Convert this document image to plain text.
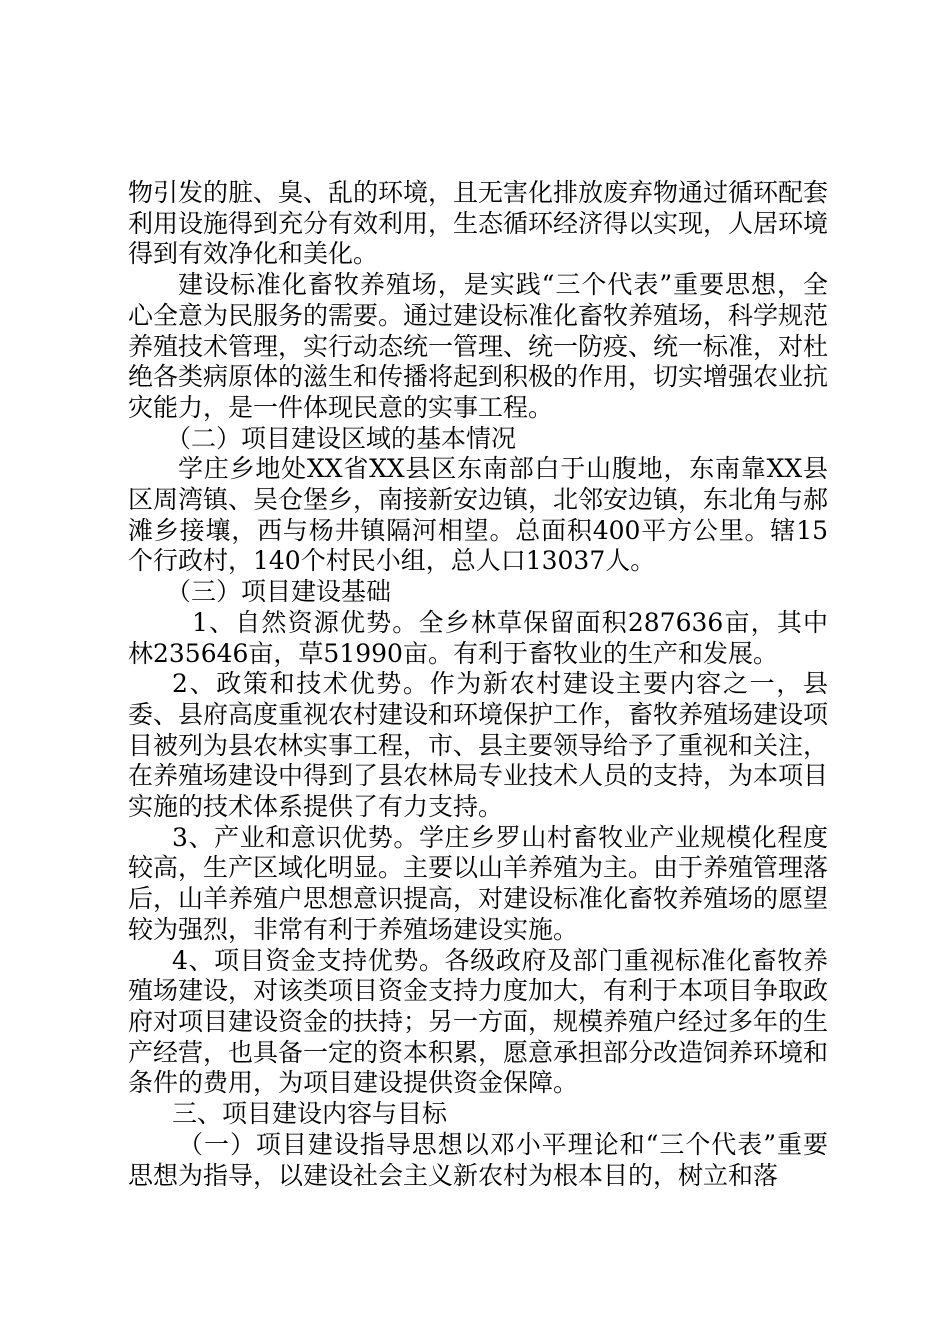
物引发的脏、臭、乱的环境，且无害化排放废弃物通过循环配套利用设施得到充分有效利用，生态循环经济得以实现，人居环境得到有效净化和美化。

建设标准化畜牧养殖场，是实践“三个代表”重要思想，全心全意为民服务的需要。通过建设标准化畜牧养殖场，科学规范养殖技术管理，实行动态统一管理、统一防疫、统一标准，对杜绝各类病原体的滋生和传播将起到积极的作用，切实增强农业抗灾能力，是一件体现民意的实事工程。

（二）项目建设区域的基本情况

学庄乡地处XX省XX县区东南部白于山腹地，东南靠XX县区周湾镇、吴仓堡乡，南接新安边镇，北邻安边镇，东北角与郝滩乡接壤，西与杨井镇隔河相望。总面积400平方公里。辖15个行政村，140个村民小组，总人口13037人。

（三）项目建设基础

1、自然资源优势。全乡林草保留面积287636亩，其中林235646亩，草51990亩。有利于畜牧业的生产和发展。

2、政策和技术优势。作为新农村建设主要内容之一，县委、县府高度重视农村建设和环境保护工作，畜牧养殖场建设项目被列为县农林实事工程，市、县主要领导给予了重视和关注，在养殖场建设中得到了县农林局专业技术人员的支持，为本项目实施的技术体系提供了有力支持。

3、产业和意识优势。学庄乡罗山村畜牧业产业规模化程度较高，生产区域化明显。主要以山羊养殖为主。由于养殖管理落后，山羊养殖户思想意识提高，对建设标准化畜牧养殖场的愿望较为强烈，非常有利于养殖场建设实施。

4、项目资金支持优势。各级政府及部门重视标准化畜牧养殖场建设，对该类项目资金支持力度加大，有利于本项目争取政府对项目建设资金的扶持；另一方面，规模养殖户经过多年的生产经营，也具备一定的资本积累，愿意承担部分改造饲养环境和条件的费用，为项目建设提供资金保障。

三、项目建设内容与目标

（一）项目建设指导思想以邓小平理论和“三个代表”重要思想为指导，以建设社会主义新农村为根本目的，树立和落
